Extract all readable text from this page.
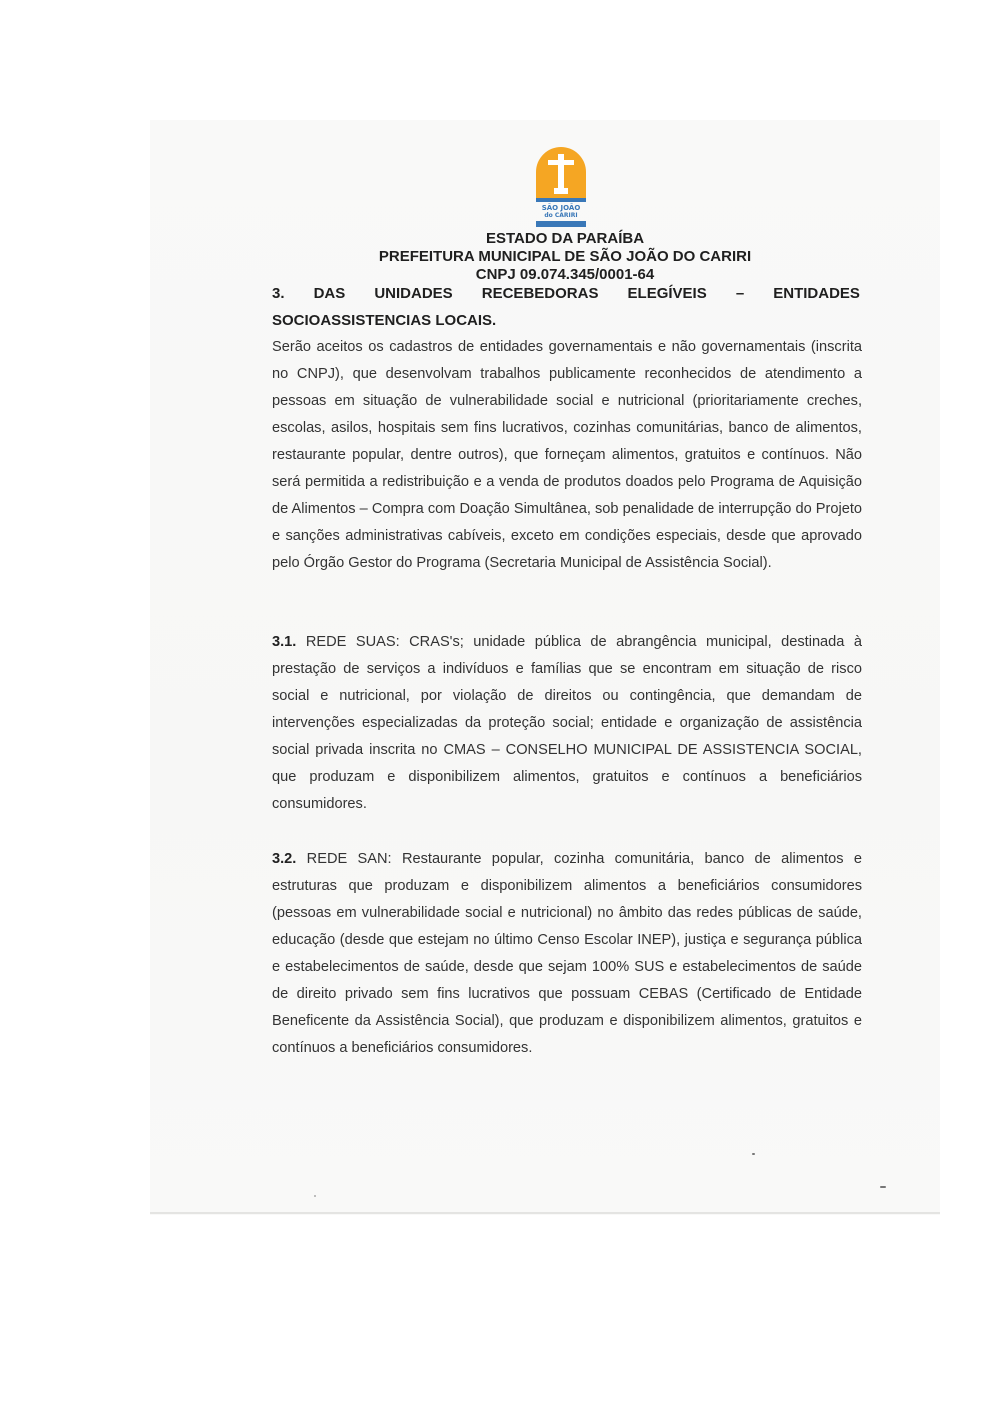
SÃO JOÃO
do CARIRI
ESTADO DA PARAÍBA
PREFEITURA MUNICIPAL DE SÃO JOÃO DO CARIRI
CNPJ 09.074.345/0001-64
3. DAS UNIDADES RECEBEDORAS ELEGÍVEIS – ENTIDADES
SOCIOASSISTENCIAS LOCAIS.
Serão aceitos os cadastros de entidades governamentais e não governamentais (inscrita no CNPJ), que desenvolvam trabalhos publicamente reconhecidos de atendimento a pessoas em situação de vulnerabilidade social e nutricional (prioritariamente creches, escolas, asilos, hospitais sem fins lucrativos, cozinhas comunitárias, banco de alimentos, restaurante popular, dentre outros), que forneçam alimentos, gratuitos e contínuos. Não será permitida a redistribuição e a venda de produtos doados pelo Programa de Aquisição de Alimentos – Compra com Doação Simultânea, sob penalidade de interrupção do Projeto e sanções administrativas cabíveis, exceto em condições especiais, desde que aprovado pelo Órgão Gestor do Programa (Secretaria Municipal de Assistência Social).
3.1. REDE SUAS: CRAS's; unidade pública de abrangência municipal, destinada à prestação de serviços a indivíduos e famílias que se encontram em situação de risco social e nutricional, por violação de direitos ou contingência, que demandam de intervenções especializadas da proteção social; entidade e organização de assistência social privada inscrita no CMAS – CONSELHO MUNICIPAL DE ASSISTENCIA SOCIAL, que produzam e disponibilizem alimentos, gratuitos e contínuos a beneficiários consumidores.
3.2. REDE SAN: Restaurante popular, cozinha comunitária, banco de alimentos e estruturas que produzam e disponibilizem alimentos a beneficiários consumidores (pessoas em vulnerabilidade social e nutricional) no âmbito das redes públicas de saúde, educação (desde que estejam no último Censo Escolar INEP), justiça e segurança pública e estabelecimentos de saúde, desde que sejam 100% SUS e estabelecimentos de saúde de direito privado sem fins lucrativos que possuam CEBAS (Certificado de Entidade Beneficente da Assistência Social), que produzam e disponibilizem alimentos, gratuitos e contínuos a beneficiários consumidores.
